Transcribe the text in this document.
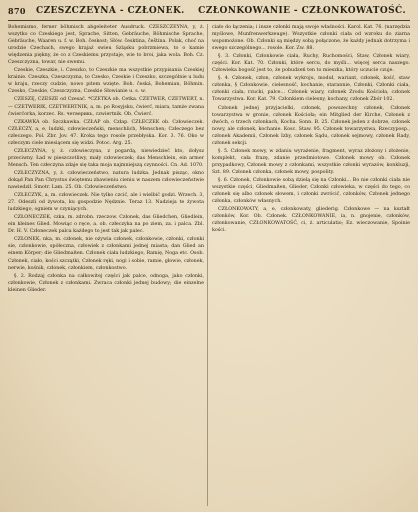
870 CZESZCZEYNA - CZŁONEK. CZŁONKOWANIE - CZŁONKOWATOŚĆ.

Bohemismo, ferner böhmisch abgeleiteter Ausdruck. CZESZCZEYNA, y, ż. wszytko co Czeskiego jest, Sprache, Sitten, Gebräuche, Böhmische Sprache, Gebräuche, Waaren u. f. w. Boh. českost; Słów. česktina, čeština. Polak, choć na urodzie Czechach, swego krajaż swieu Szląsku pobrzmiewa, to o kamie więdzenia piękny, że co z Czeskiemu przystaje, wie to broi, jaka wola. Boh. Cz. Czeszczyzna, towar, nie swemu.

Czeskie, Czeszkie, i. Czeszko, to Czeszkie ma wszystkie przypisania Czeskiej krainie. Czeszka, Czeszczyzna, to Czesko, Czeskie i Czeszko, szczególnie u ludu w kraju, rzeczy cudzie, nowo pitem wzięte. Boh. česká, Bohemian, Böhmin. Czesko, Czeskie, Czeszczyzna, Czeskie Słowianie u. s. w.

CZESZĘ, CZESZE od Czesać. *CZETKA ob. Cetka. CZETWER, CZETWERT, n. — CZETWERIK, CZETWERTNIK, a, m. po Rosyjsku, ćwierć, miara, tamże zwana ćwierćorka, korzec. Rs. четверикь, czwiertnik. Ob. Ćwierć.

CZKAWKA ob. Szczkawka. CZŁAP ob. Człap. CZŁECZEK ob. Człowieczek. CZŁECZY, a, e, ludzki, człowieczeński, menschlich, Menschen; Człeczego bez człeczego. Pol. Zbr. Jov. 47. Kroka tego rosole przebłyska. Kor. 3. 76. Oko w człeczym ciele miesiącem się widzi. Potoc. Arg. 25.

CZŁECZYNA, y, ż. człowieczyna, z pogardą, niewiedzieć kto, dołysz przeciwny. Ład w pieszczotliwy, mały człowieczek; das Menschlein, ein armer Mensch. Ten człeczyna zdaje się taka moja najmniejszą czynności. Cn. Ad. 1070.

CZŁECZYZNA, y, ż. człowieczeństwo, natura ludzka. Jednak pisząc, okno dokąd Pan Pan Chrystus świętemu zbawieniu cieniu w naszem człowieczeństwie nawiedził. Smotr. Lam. 25. Ob. Człowieczeństwo.

CZŁECZYK, a, m. człowieczek. Nie tylko czcić, ale i wielbić godzi. Wrzech. 3, 27. Odeszli od żywota, ku gospodzie Nędznie. Teraz 13. Nadzieja te żywota ludzkiego, ogniem w czyniących.

CZŁONECZEK, czka, m. zdrobn. rzeczow. Członek, das Gliedchen, Gliedlein, ein kleines Glied. Mowiąc o ręce, a. ob. człeczyka na po ziem, za. i palca. Zbl. Dr. H. V. Członeczek palca każdego to jest tak jak palec.

CZŁONEK, nka, m. członek, nie ożywia członek, członkowie, członki, członki sie, członkowie, spółeczna, człowiek z członkami jednej miasta; dan Glied an einem Körper; die Gliedmaßen. Członek ciała ludzkiego, Ramię, Noga etc. Osob. Członek, ciało, kości szczątki, Członek ręki, nogi i sobie, ramie, głowie, członek, nerwie, kośnik, członek, członkiem, członkostwo.

§. 2. Rodzaj członka na całkowitej części jak palce, odnoga, jako członki, członkowie, Członek z członkami. Zwraca członki jednej budowy; die einzelne kleinen Glieder.

ciało do łączenia; i insze członki mają swoje właśności. Karol. Kat. 76. (narzędzia myślowe, Munfrenwerkzeuge). Wszystkie członki ciała od wzroku do ziarna wspomożone. Ob. Członki są między sobą połączone, że każdy jednak dotrzyma i swego szczególnego... rosole. Kor. Zw. 88.

§. 3. Członki, Członkowie ciała, Ruchy, Ruchomości, Staw, Członek wiary, części. Kor. Kat. 70. Członki, które sercu, do myśli... więcej serca naszego. Człowieka bogość jest to, że pobudzeń ten to mieszka, który uczucie czuje.

§. 4. Członek, człon, członek wykroju, moduł, wariant, członek, kość, staw członka, § Członkowie, cielesność, kochanie, starannie, Członki, Członki ciała, członki ciała, rzucki, palce... Członek wiary, członek Zrodu Kościoła, członek Towarzystwa. Kor. Kat. 79. Członkiem cielesny, kochany, członek Zbór 102.

Członek jednej przyjacielki, członek, powszechny członek, Członek towarzystwa w gronie, członek Kościoła; ein Mitglied der Kirche, Członek z dwóch, o trzech członkach, Kocha. Sonn. B. 25. Członek jeden z dobrze, członek nowy, ale członek, kochanie. Kosc. Staw. 95. Członek towarzystwa, Rzeczyposp., członek Akademii, Członek Izby, członek Sądu, członek sejmowy, członek Rady, członek sekcji.

§. 5. Członek mowy, w zdaniu wyrażenie, fragment, wyraz złożony i złożenie, komplekt, cała frazę, zdanie przedmiotowe. Członek mowy ob. Członek przypadkowy, Członek mowy z członkami, wszystkie członki wyrazów, konkluzji, Szt. 89. Członek członka, członek mowy, pospolity.

§. 6. Członek, Członkowie sobą dzielą się na Członki... Bo nie członki ciała nie wszystkie części, Gliedmaßen, Glieder, Członki człowieka, w części do tego, co członek się albo członek słowem, i członki zwrócić, członków, Członek jednego członka, członków własnych.

CZŁONKOWATY, a, e, członkowaty, gliederig. Członkowe — na kształt członków, Kor. Ob. Członek. CZŁONKOWANIE, ia, n. gnojenie, członków, członkowanie, CZŁONKOWATOŚĆ, ci, ż. articulatio; Ez. wieczowanie, Spoinie kości.
